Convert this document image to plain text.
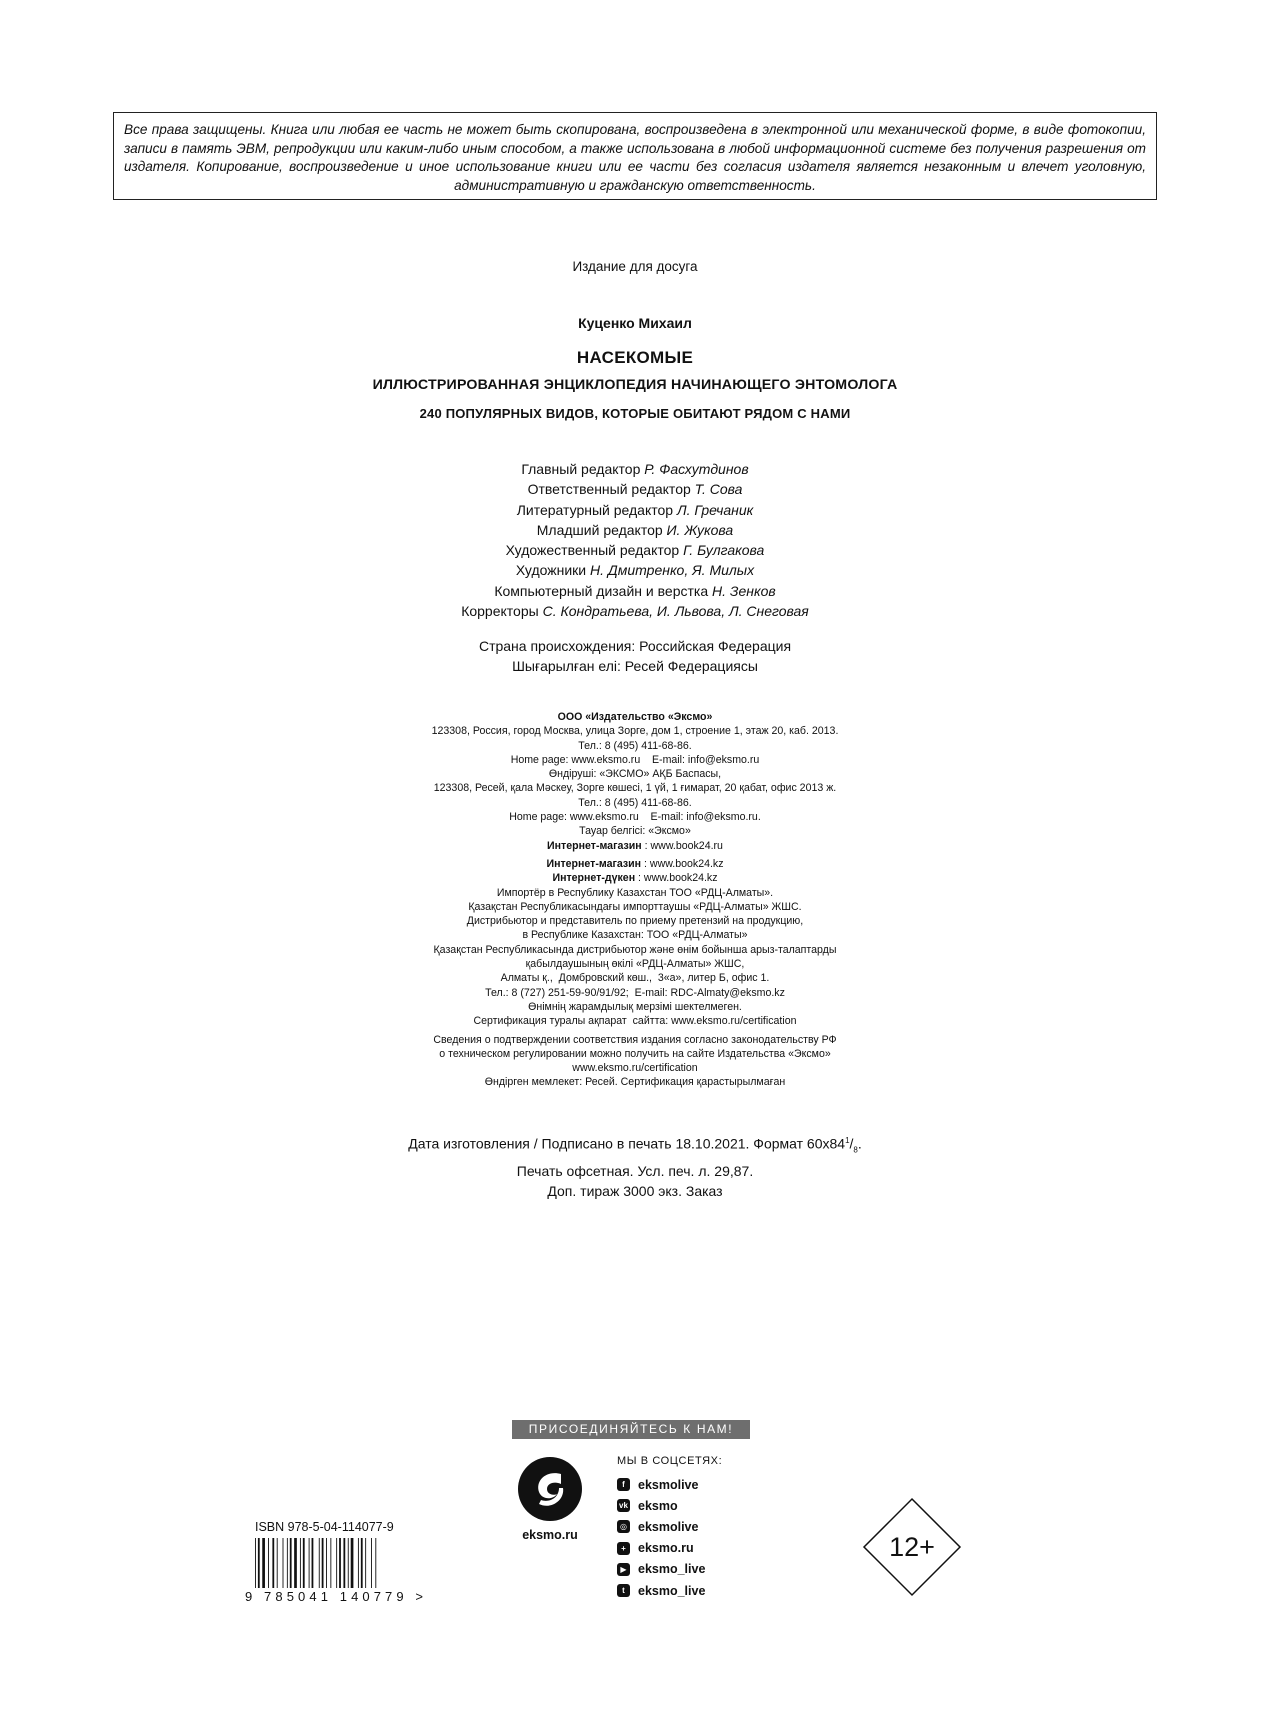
Все права защищены. Книга или любая ее часть не может быть скопирована, воспроизведена в электронной или механической форме, в виде фотокопии, записи в память ЭВМ, репродукции или каким-либо иным способом, а также использована в любой информационной системе без получения разрешения от издателя. Копирование, воспроизведение и иное использование книги или ее части без согласия издателя является незаконным и влечет уголовную, административную и гражданскую ответственность.
Издание для досуга
Куценко Михаил
НАСЕКОМЫЕ
ИЛЛЮСТРИРОВАННАЯ ЭНЦИКЛОПЕДИЯ НАЧИНАЮЩЕГО ЭНТОМОЛОГА
240 ПОПУЛЯРНЫХ ВИДОВ, КОТОРЫЕ ОБИТАЮТ РЯДОМ С НАМИ
Главный редактор Р. Фасхутдинов
Ответственный редактор Т. Сова
Литературный редактор Л. Гречаник
Младший редактор И. Жукова
Художественный редактор Г. Булгакова
Художники Н. Дмитренко, Я. Милых
Компьютерный дизайн и верстка Н. Зенков
Корректоры С. Кондратьева, И. Львова, Л. Снеговая
Страна происхождения: Российская Федерация
Шығарылған елі: Ресей Федерациясы
ООО «Издательство «Эксмо»
123308, Россия, город Москва, улица Зорге, дом 1, строение 1, этаж 20, каб. 2013.
Тел.: 8 (495) 411-68-86.
Home page: www.eksmo.ru    E-mail: info@eksmo.ru
Өндіруші: «ЭКСМО» АҚБ Баспасы,
123308, Ресей, қала Мәскеу, Зорге көшесі, 1 үй, 1 ғимарат, 20 қабат, офис 2013 ж.
Тел.: 8 (495) 411-68-86.
Home page: www.eksmo.ru    E-mail: info@eksmo.ru.
Тауар белгісі: «Эксмо»
Интернет-магазин : www.book24.ru
Интернет-магазин : www.book24.kz
Интернет-дүкен : www.book24.kz
Импортёр в Республику Казахстан ТОО «РДЦ-Алматы».
Қазақстан Республикасындағы импорттаушы «РДЦ-Алматы» ЖШС.
Дистрибьютор и представитель по приему претензий на продукцию,
в Республике Казахстан: ТОО «РДЦ-Алматы»
Қазақстан Республикасында дистрибьютор және өнім бойынша арыз-талаптарды
қабылдаушының өкілі «РДЦ-Алматы» ЖШС,
Алматы қ.,  Домбровский көш.,  3«а», литер Б, офис 1.
Тел.: 8 (727) 251-59-90/91/92;  E-mail: RDC-Almaty@eksmo.kz
Өнімнің жарамдылық мерзімі шектелмеген.
Сертификация туралы ақпарат  сайтта: www.eksmo.ru/certification
Сведения о подтверждении соответствия издания согласно законодательству РФ
о техническом регулировании можно получить на сайте Издательства «Эксмо»
www.eksmo.ru/certification
Өндірген мемлекет: Ресей. Сертификация қарастырылмаған
Дата изготовления / Подписано в печать 18.10.2021. Формат $60x84^1/_8$.
Печать офсетная. Усл. печ. л. 29,87.
Доп. тираж 3000 экз. Заказ
ПРИСОЕДИНЯЙТЕСЬ К НАМ!
eksmo.ru
МЫ В СОЦСЕТЯХ:
f	eksmolive
vk eksmo
◎ eksmolive
+ eksmo.ru
▶ eksmo_live
t	eksmo_live
ISBN 978-5-04-114077-9
9 785041 140779 >
12+
